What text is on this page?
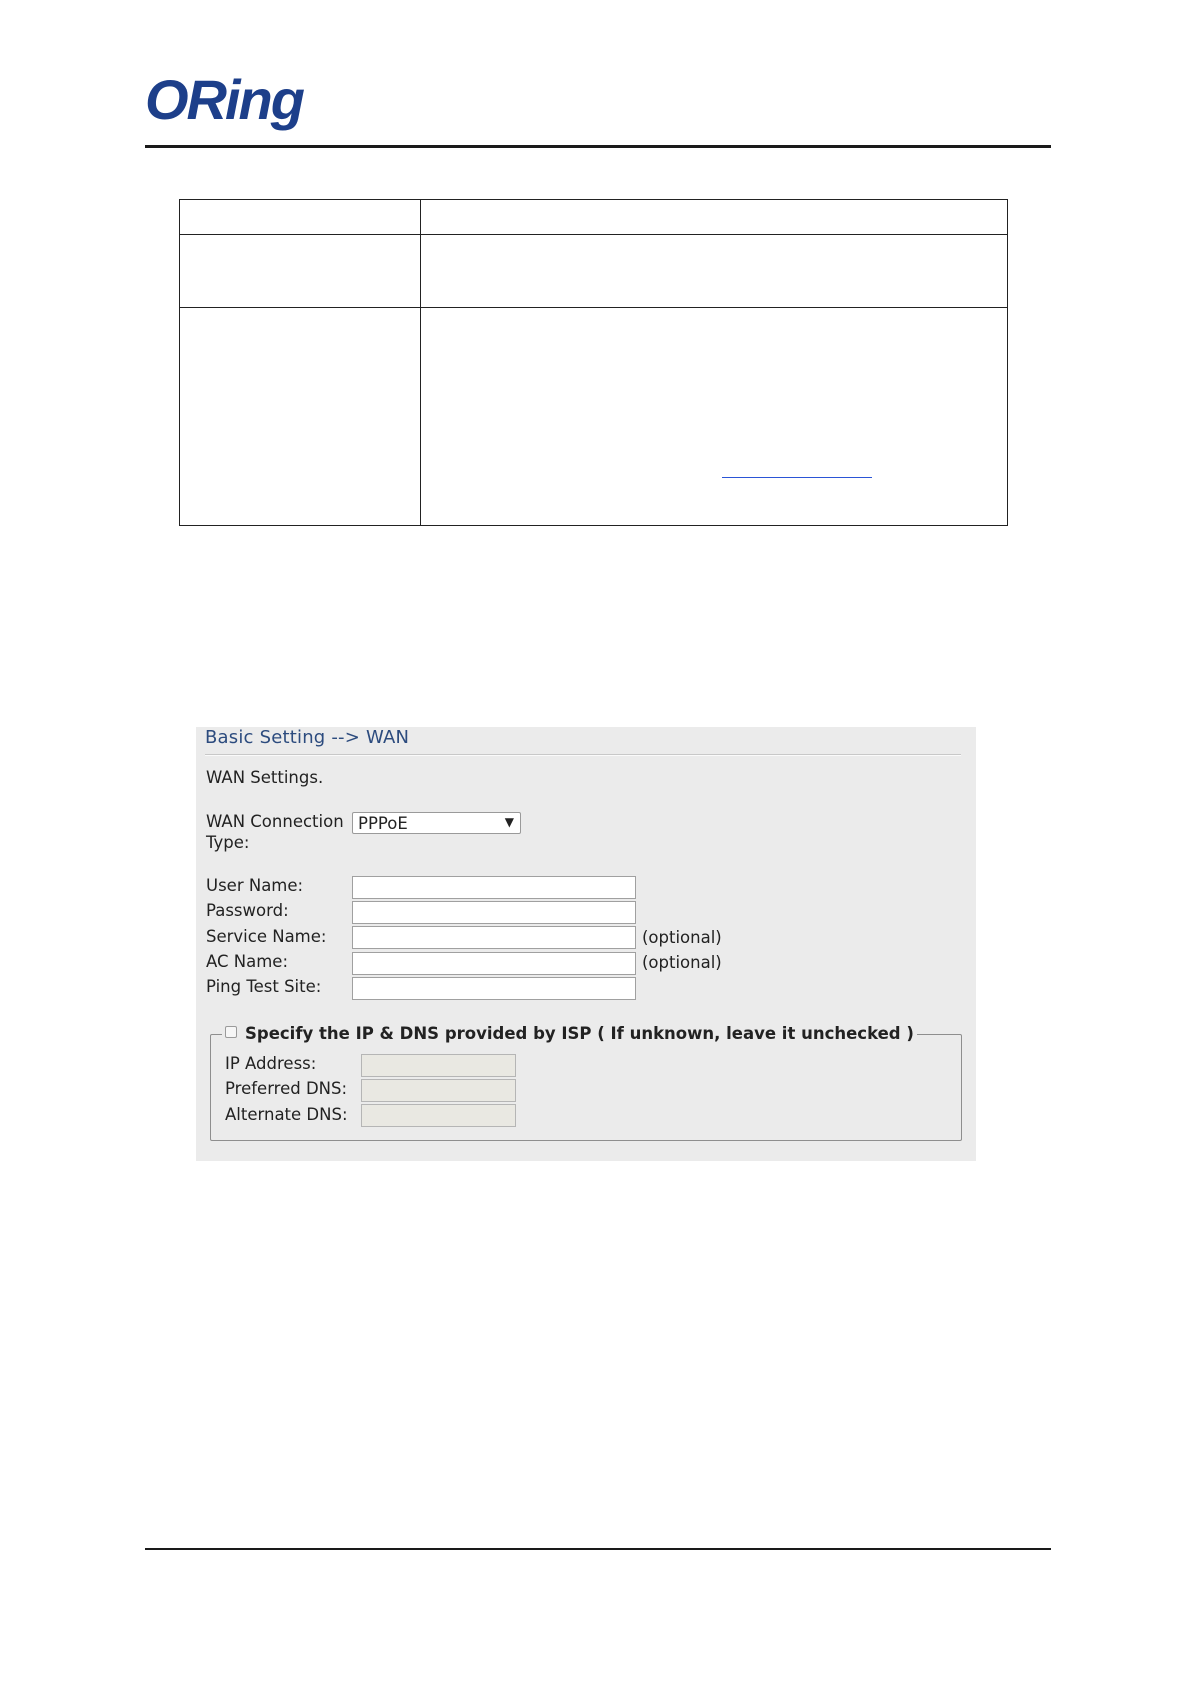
ORing

Basic Setting --> WAN
WAN Settings.
WAN Connection Type:
PPPoE	▼
User Name:
Password:
Service Name:	(optional)
AC Name:	(optional)
Ping Test Site:
Specify the IP & DNS provided by ISP ( If unknown, leave it unchecked )
IP Address:
Preferred DNS:
Alternate DNS:
